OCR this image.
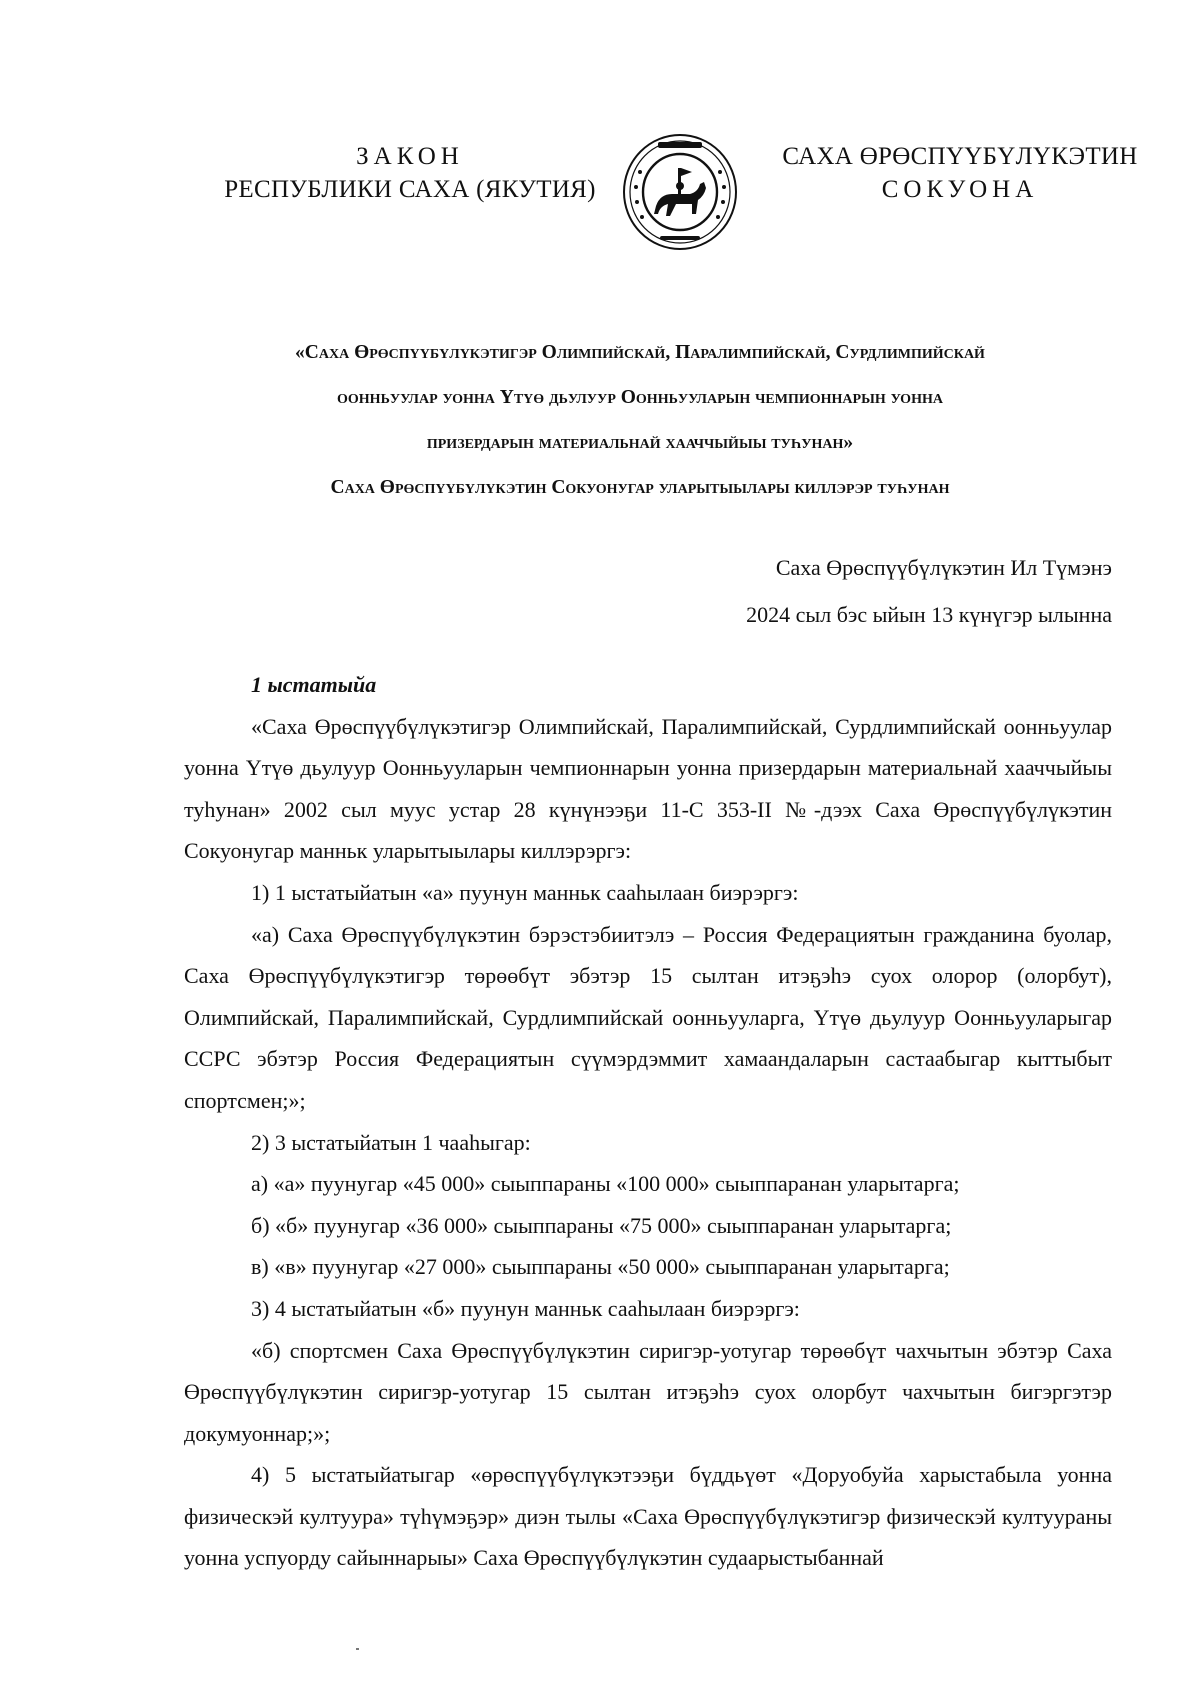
ЗАКОН
РЕСПУБЛИКИ САХА (ЯКУТИЯ)
САХА ӨРӨСПҮҮБҮЛҮКЭТИН
СОКУОНА

«Саха Өрөспүүбүлүкэтигэр Олимпийскай, Паралимпийскай, Сурдлимпийскай

оонньуулар уонна Үтүө дьулуур Оонньууларын чемпионнарын уонна

призердарын материальнай хааччыйыы туһунан»

Саха Өрөспүүбүлүкэтин Сокуонугар уларытыылары киллэрэр туһунан

Саха Өрөспүүбүлүкэтин Ил Түмэнэ

2024 сыл бэс ыйын 13 күнүгэр ылынна

1 ыстатыйа

«Саха Өрөспүүбүлүкэтигэр Олимпийскай, Паралимпийскай, Сурдлимпийскай оонньуулар уонна Үтүө дьулуур Оонньууларын чемпионнарын уонна призердарын материальнай хааччыйыы туһунан» 2002 сыл муус устар 28 күнүнээҕи 11-С 353-II №-дээх Саха Өрөспүүбүлүкэтин Сокуонугар манньк уларытыылары киллэрэргэ:

1) 1 ыстатыйатын «а» пуунун манньк сааһылаан биэрэргэ:

«а) Саха Өрөспүүбүлүкэтин бэрэстэбиитэлэ – Россия Федерациятын гражданина буолар, Саха Өрөспүүбүлүкэтигэр төрөөбүт эбэтэр 15 сылтан итэҕэһэ суох олорор (олорбут), Олимпийскай, Паралимпийскай, Сурдлимпийскай оонньууларга, Үтүө дьулуур Оонньууларыгар ССРС эбэтэр Россия Федерациятын сүүмэрдэммит хамаандаларын састаабыгар кыттыбыт спортсмен;»;

2) 3 ыстатыйатын 1 чааһыгар:

а) «а» пуунугар «45 000» сыыппараны «100 000» сыыппаранан уларытарга;

б) «б» пуунугар «36 000» сыыппараны «75 000» сыыппаранан уларытарга;

в) «в» пуунугар «27 000» сыыппараны «50 000» сыыппаранан уларытарга;

3) 4 ыстатыйатын «б» пуунун манньк сааһылаан биэрэргэ:

«б) спортсмен Саха Өрөспүүбүлүкэтин сиригэр-уотугар төрөөбүт чахчытын эбэтэр Саха Өрөспүүбүлүкэтин сиригэр-уотугар 15 сылтан итэҕэһэ суох олорбут чахчытын бигэргэтэр докумуоннар;»;

4) 5 ыстатыйатыгар «өрөспүүбүлүкэтээҕи бүддьүөт «Доруобуйа харыстабыла уонна физическэй култуура» түһүмэҕэр» диэн тылы «Саха Өрөспүүбүлүкэтигэр физическэй култуураны уонна успуорду сайыннарыы» Саха Өрөспүүбүлүкэтин судаарыстыбаннай
